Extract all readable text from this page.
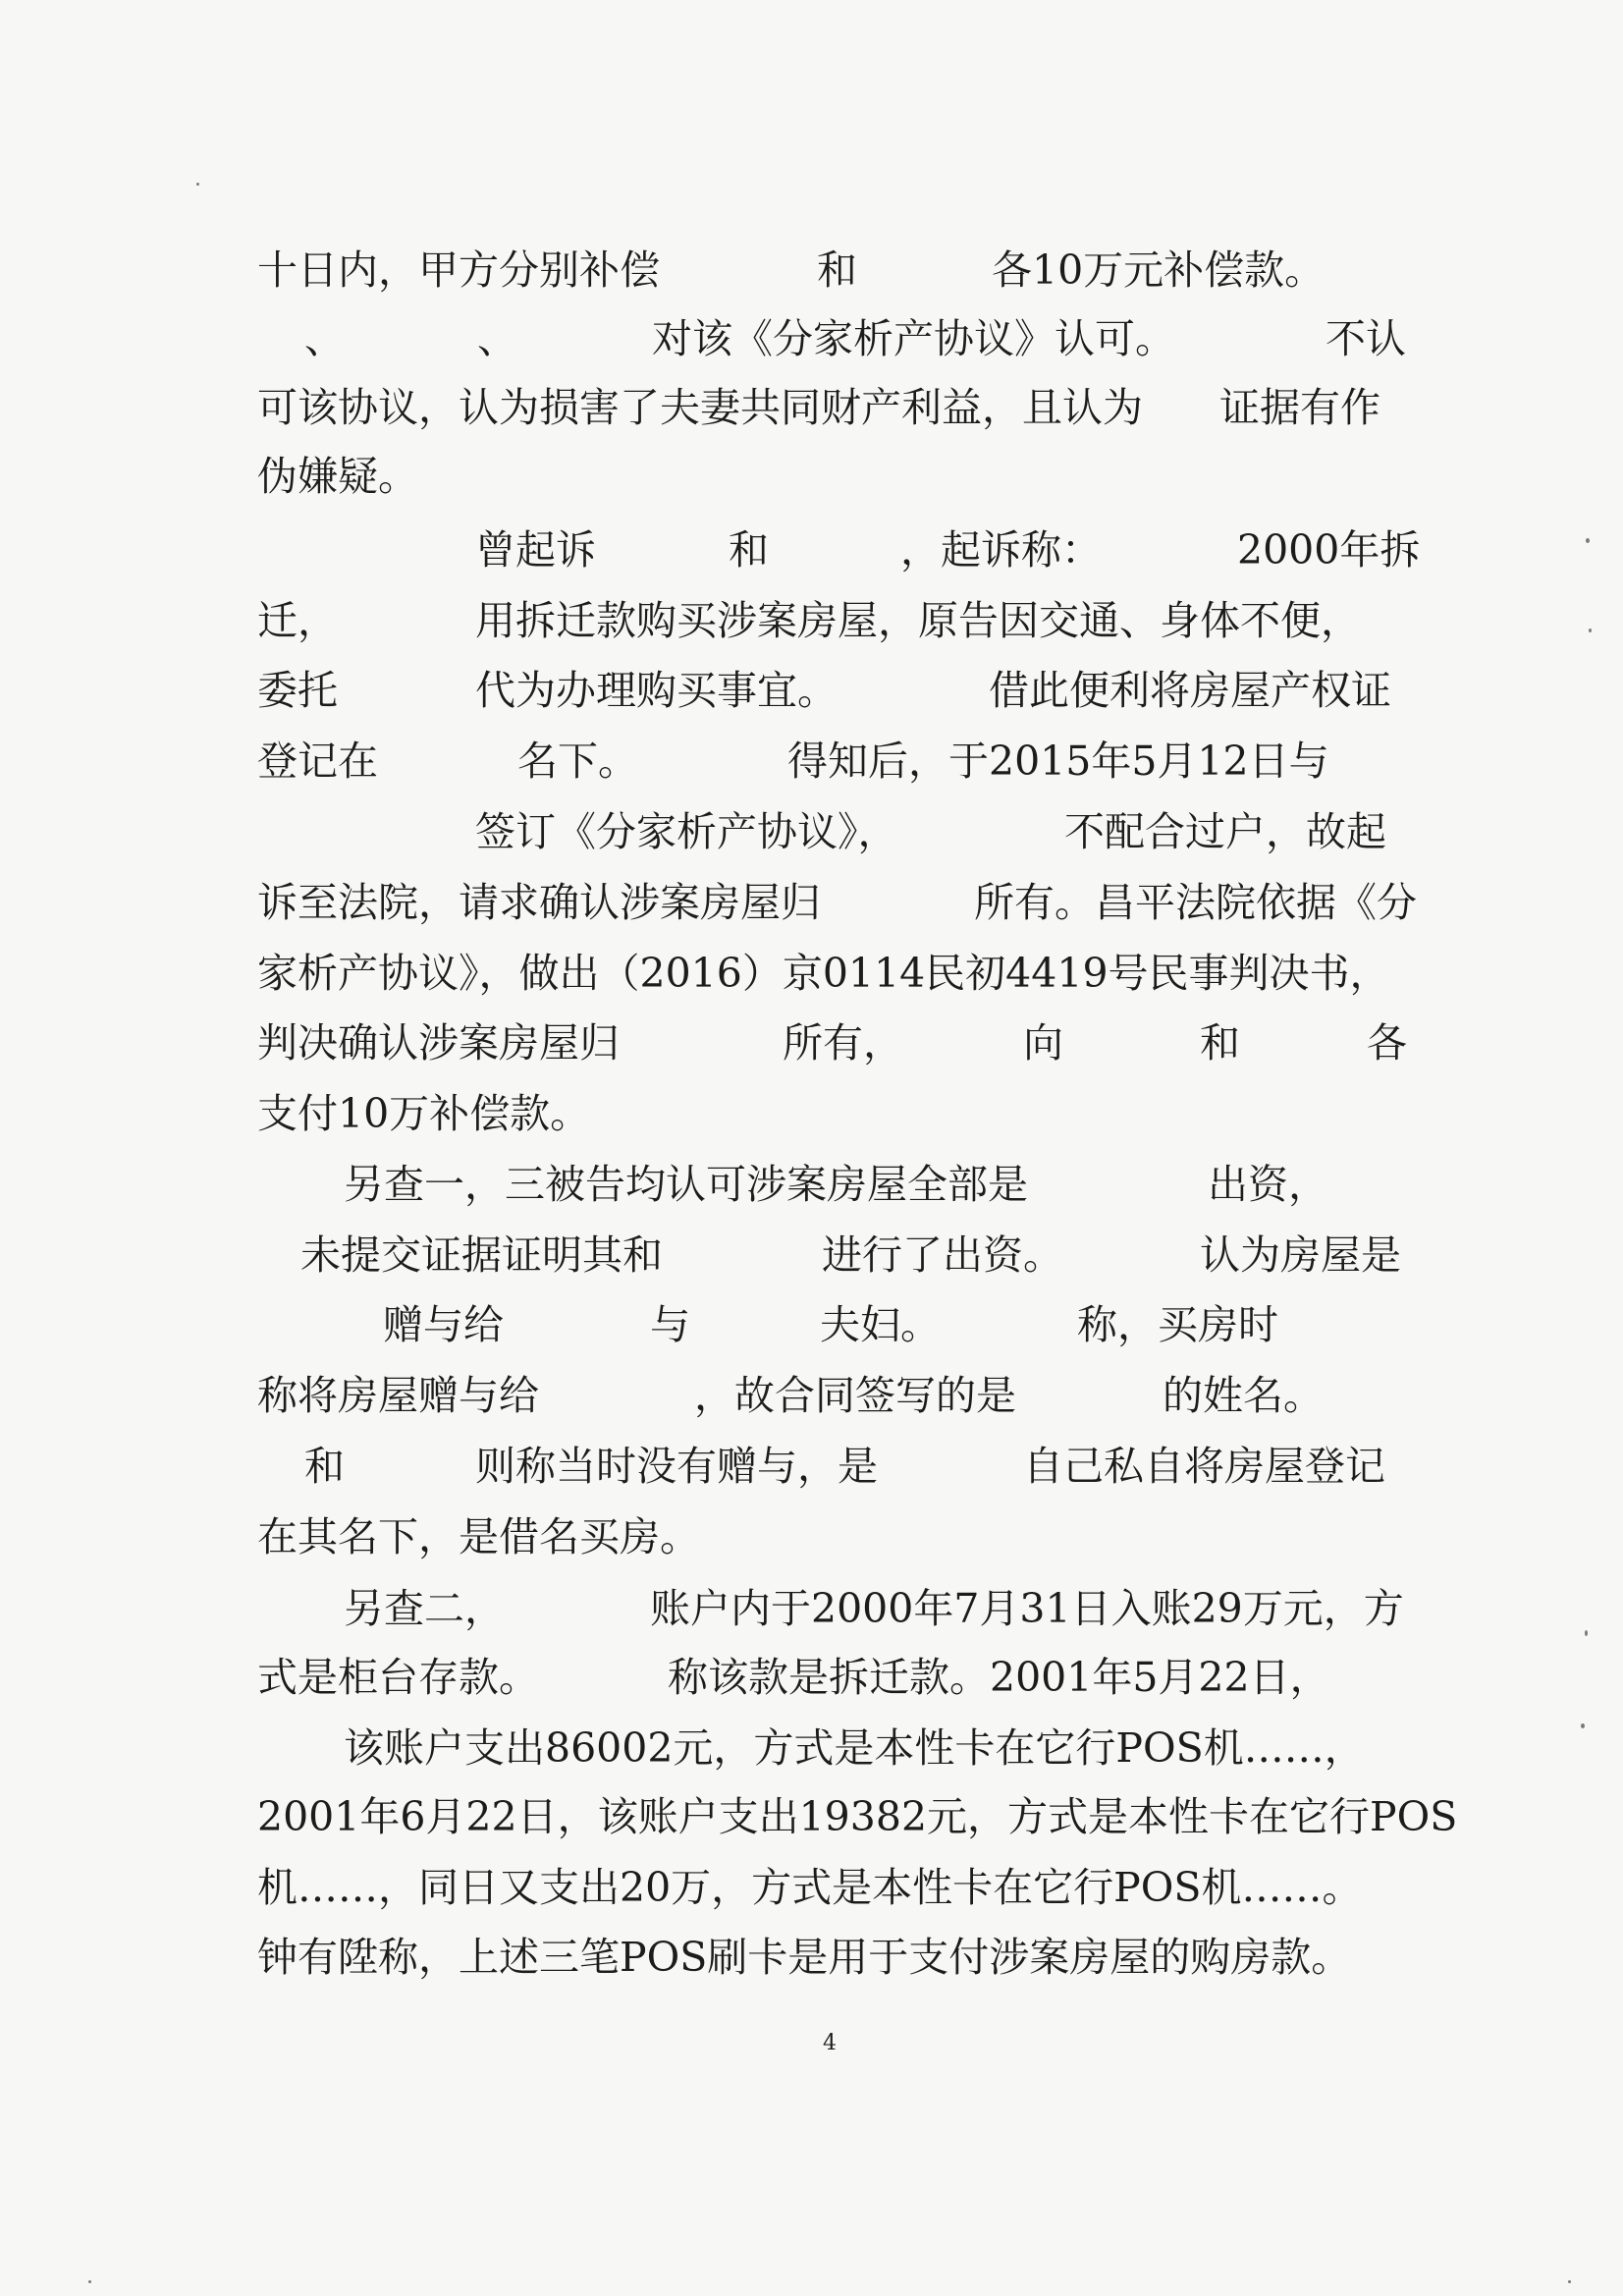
十日内，甲方分别补偿	和	各10万元补偿款。
、	、	对该《分家析产协议》认可。	不认
可该协议，认为损害了夫妻共同财产利益，且认为 证据有作
伪嫌疑。
曾起诉	和	，起诉称：	2000年拆
迁，	用拆迁款购买涉案房屋，原告因交通、身体不便，
委托	代为办理购买事宜。	借此便利将房屋产权证
登记在	名下。	得知后，于2015年5月12日与
签订《分家析产协议》，	不配合过户，故起
诉至法院，请求确认涉案房屋归	所有。昌平法院依据《分
家析产协议》，做出（2016）京0114民初4419号民事判决书，
判决确认涉案房屋归	所有，	向	和	各
支付10万补偿款。
另查一，三被告均认可涉案房屋全部是	出资，
未提交证据证明其和	进行了出资。	认为房屋是
赠与给	与	夫妇。	称，买房时
称将房屋赠与给	，故合同签写的是	的姓名。
和	则称当时没有赠与，是	自己私自将房屋登记
在其名下，是借名买房。
另查二，	账户内于2000年7月31日入账29万元，方
式是柜台存款。	称该款是拆迁款。2001年5月22日，
该账户支出86002元，方式是本性卡在它行POS机……，
2001年6月22日，该账户支出19382元，方式是本性卡在它行POS
机……，同日又支出20万，方式是本性卡在它行POS机……。
钟有陞称，上述三笔POS刷卡是用于支付涉案房屋的购房款。
4
